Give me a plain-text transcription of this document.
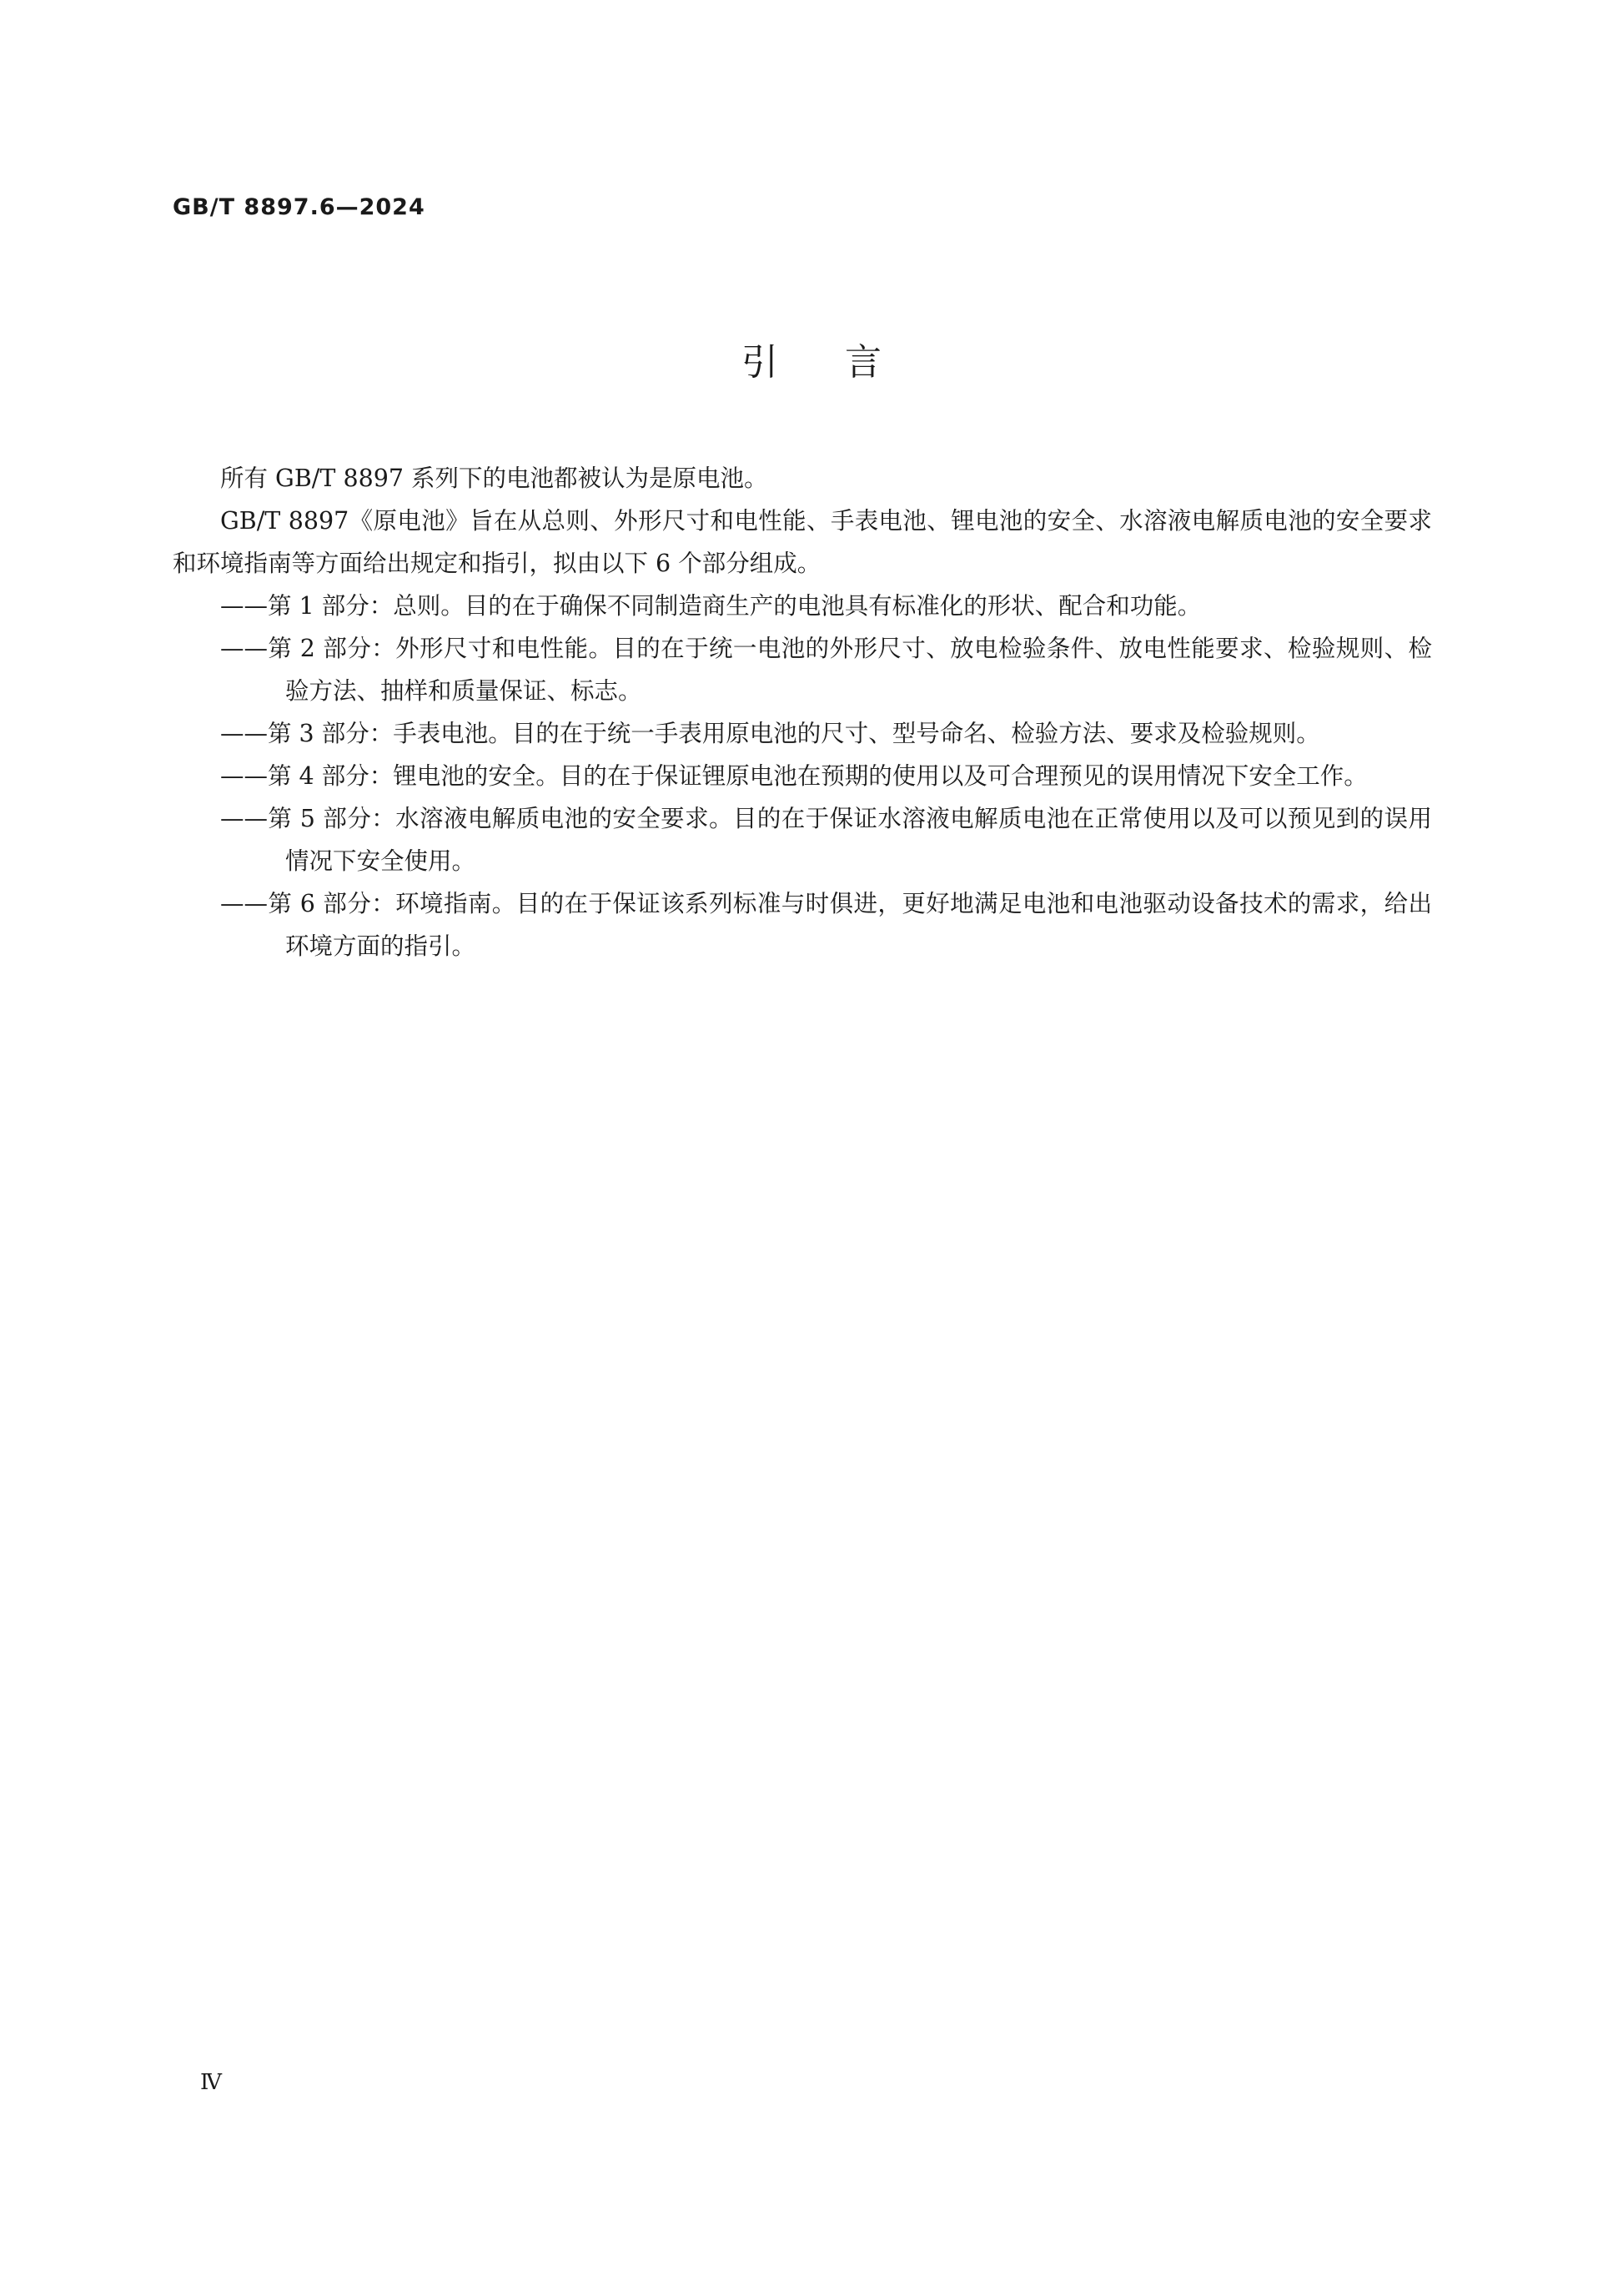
GB/T 8897.6—2024
引言

所有 GB/T 8897 系列下的电池都被认为是原电池。

GB/T 8897《原电池》旨在从总则、外形尺寸和电性能、手表电池、锂电池的安全、水溶液电解质电池的安全要求和环境指南等方面给出规定和指引，拟由以下 6 个部分组成。

——第 1 部分：总则。目的在于确保不同制造商生产的电池具有标准化的形状、配合和功能。

——第 2 部分：外形尺寸和电性能。目的在于统一电池的外形尺寸、放电检验条件、放电性能要求、检验规则、检验方法、抽样和质量保证、标志。

——第 3 部分：手表电池。目的在于统一手表用原电池的尺寸、型号命名、检验方法、要求及检验规则。

——第 4 部分：锂电池的安全。目的在于保证锂原电池在预期的使用以及可合理预见的误用情况下安全工作。

——第 5 部分：水溶液电解质电池的安全要求。目的在于保证水溶液电解质电池在正常使用以及可以预见到的误用情况下安全使用。

——第 6 部分：环境指南。目的在于保证该系列标准与时俱进，更好地满足电池和电池驱动设备技术的需求，给出环境方面的指引。

Ⅳ
